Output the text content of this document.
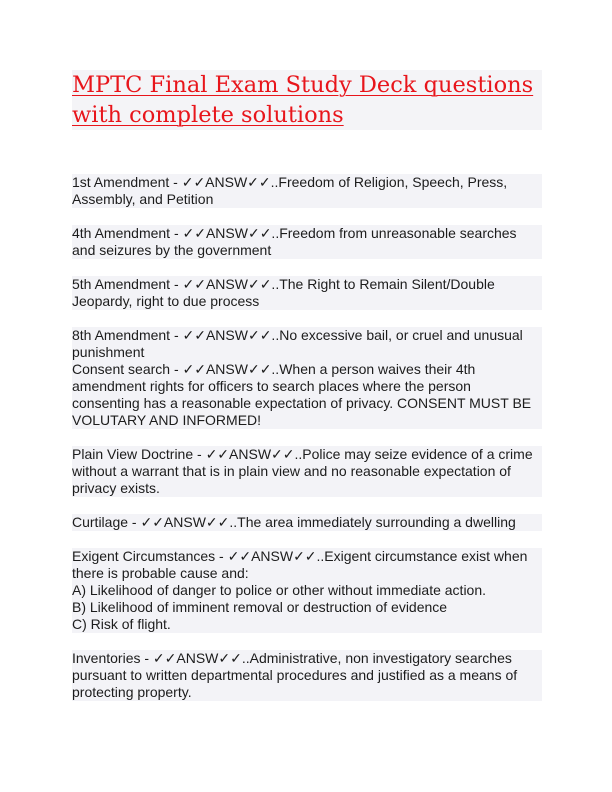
MPTC Final Exam Study Deck questions with complete solutions

1st Amendment - ✓✓ANSW✓✓..Freedom of Religion, Speech, Press, Assembly, and Petition

4th Amendment - ✓✓ANSW✓✓..Freedom from unreasonable searches and seizures by the government

5th Amendment - ✓✓ANSW✓✓..The Right to Remain Silent/Double Jeopardy, right to due process

8th Amendment - ✓✓ANSW✓✓..No excessive bail, or cruel and unusual punishment

Consent search - ✓✓ANSW✓✓..When a person waives their 4th amendment rights for officers to search places where the person consenting has a reasonable expectation of privacy. CONSENT MUST BE VOLUTARY AND INFORMED!

Plain View Doctrine - ✓✓ANSW✓✓..Police may seize evidence of a crime without a warrant that is in plain view and no reasonable expectation of privacy exists.

Curtilage - ✓✓ANSW✓✓..The area immediately surrounding a dwelling

Exigent Circumstances - ✓✓ANSW✓✓..Exigent circumstance exist when there is probable cause and:
A) Likelihood of danger to police or other without immediate action.
B) Likelihood of imminent removal or destruction of evidence
C) Risk of flight.

Inventories - ✓✓ANSW✓✓..Administrative, non investigatory searches pursuant to written departmental procedures and justified as a means of protecting property.
